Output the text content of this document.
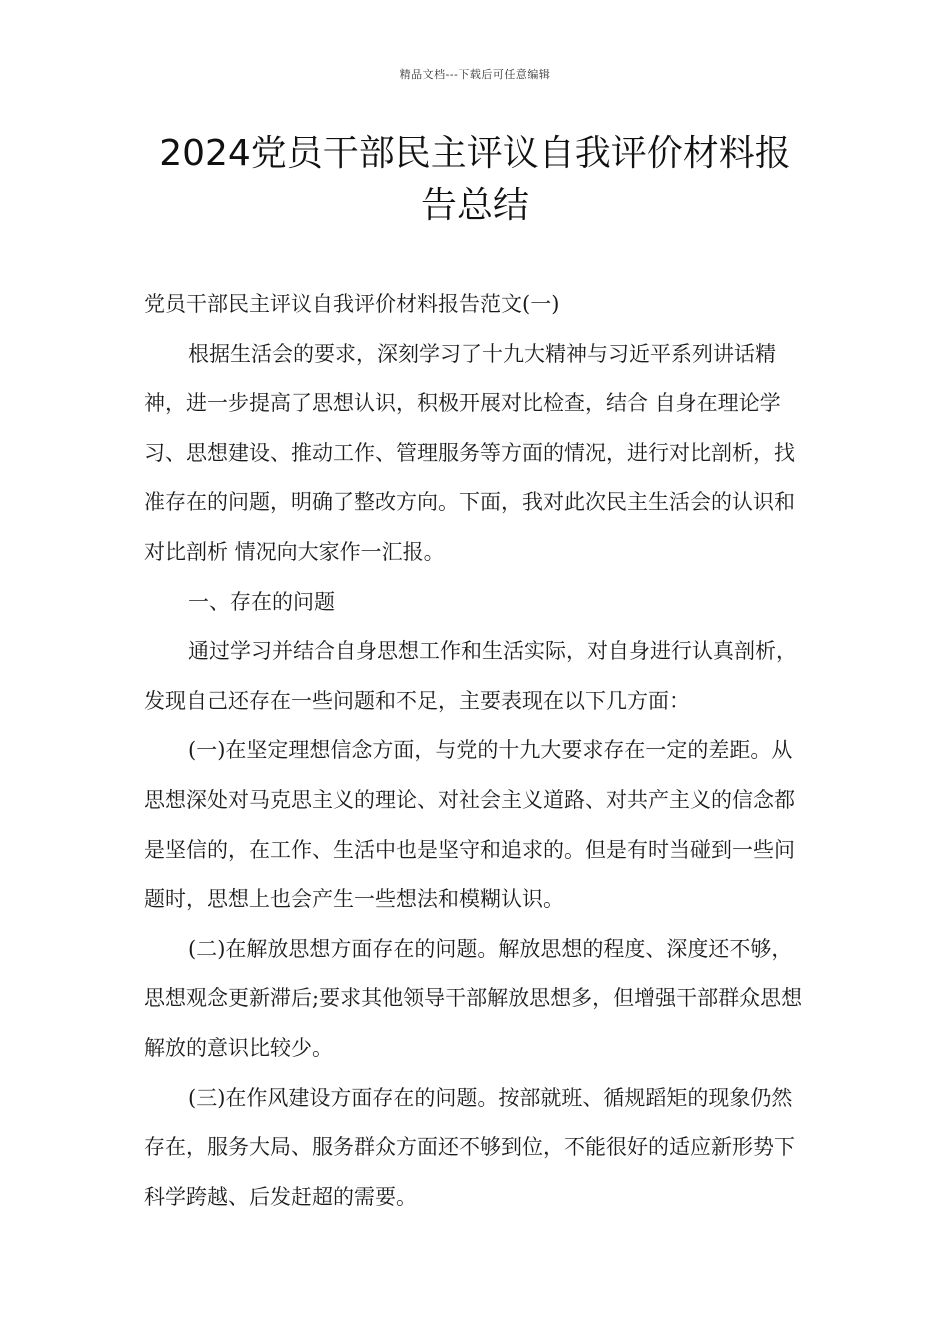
精品文档---下载后可任意编辑
2024党员干部民主评议自我评价材料报
告总结

党员干部民主评议自我评价材料报告范文(一)

根据生活会的要求，深刻学习了十九大精神与习近平系列讲话精神，进一步提高了思想认识，积极开展对比检查，结合 自身在理论学习、思想建设、推动工作、管理服务等方面的情况，进行对比剖析，找准存在的问题，明确了整改方向。下面，我对此次民主生活会的认识和对比剖析 情况向大家作一汇报。

一、存在的问题

通过学习并结合自身思想工作和生活实际，对自身进行认真剖析，发现自己还存在一些问题和不足，主要表现在以下几方面：

(一)在坚定理想信念方面，与党的十九大要求存在一定的差距。从思想深处对马克思主义的理论、对社会主义道路、对共产主义的信念都是坚信的，在工作、生活中也是坚守和追求的。但是有时当碰到一些问题时，思想上也会产生一些想法和模糊认识。

(二)在解放思想方面存在的问题。解放思想的程度、深度还不够，思想观念更新滞后;要求其他领导干部解放思想多，但增强干部群众思想解放的意识比较少。

(三)在作风建设方面存在的问题。按部就班、循规蹈矩的现象仍然存在，服务大局、服务群众方面还不够到位，不能很好的适应新形势下科学跨越、后发赶超的需要。
